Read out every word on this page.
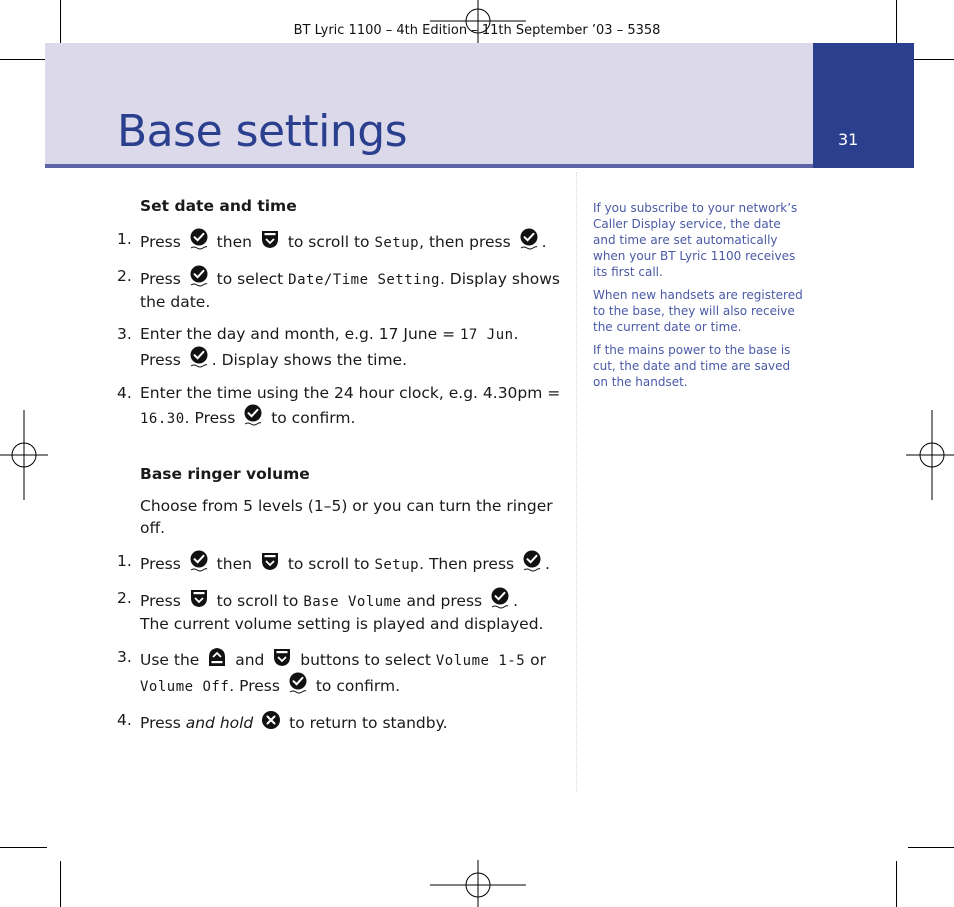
BT Lyric 1100 – 4th Edition – 11th September ’03 – 5358
31
Base settings
Set date and time
1. Press then to scroll to Setup, then press .
2. Press to select Date/Time Setting. Display shows the date.
3. Enter the day and month, e.g. 17 June = 17 Jun.
Press . Display shows the time.
4. Enter the time using the 24 hour clock, e.g. 4.30pm =
16.30. Press to confirm.
Base ringer volume
Choose from 5 levels (1–5) or you can turn the ringer off.
1. Press then to scroll to Setup. Then press .
2. Press to scroll to Base Volume and press .
The current volume setting is played and displayed.
3. Use the and buttons to select Volume 1-5 or
Volume Off. Press to confirm.
4. Press and hold to return to standby.

If you subscribe to your network’s Caller Display service, the date and time are set automatically when your BT Lyric 1100 receives its first call.

When new handsets are registered to the base, they will also receive the current date or time.

If the mains power to the base is cut, the date and time are saved on the handset.
